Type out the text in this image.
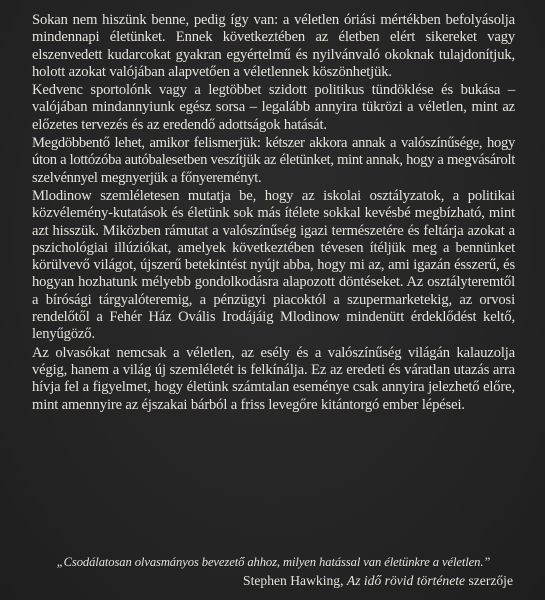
Sokan nem hiszünk benne, pedig így van: a véletlen óriási mértékben befolyásolja mindennapi életünket. Ennek következtében az életben elért sikereket vagy elszenvedett kudarcokat gyakran egyértelmű és nyilvánvaló okoknak tulajdonítjuk, holott azokat valójában alapvetően a véletlennek köszönhetjük.

Kedvenc sportolónk vagy a legtöbbet szidott politikus tündöklése és bukása – valójában mindannyiunk egész sorsa – legalább annyira tükrözi a véletlen, mint az előzetes tervezés és az eredendő adottságok hatását.

Megdöbbentő lehet, amikor felismerjük: kétszer akkora annak a valószínűsége, hogy úton a lottózóba autóbalesetben veszítjük az életünket, mint annak, hogy a megvásárolt szelvénnyel megnyerjük a főnyereményt.

Mlodinow szemléletesen mutatja be, hogy az iskolai osztályzatok, a politikai közvélemény-kutatások és életünk sok más ítélete sokkal kevésbé megbízható, mint azt hisszük. Miközben rámutat a valószínűség igazi természetére és feltárja azokat a pszichológiai illúziókat, amelyek következtében tévesen ítéljük meg a bennünket körülvevő világot, újszerű betekintést nyújt abba, hogy mi az, ami igazán ésszerű, és hogyan hozhatunk mélyebb gondolkodásra alapozott döntéseket. Az osztályteremtől a bírósági tárgyalóteremig, a pénzügyi piacoktól a szupermarketekig, az orvosi rendelőtől a Fehér Ház Ovális Irodájáig Mlodinow mindenütt érdeklődést keltő, lenyűgöző.

Az olvasókat nemcsak a véletlen, az esély és a valószínűség világán kalauzolja végig, hanem a világ új szemléletét is felkínálja. Ez az eredeti és váratlan utazás arra hívja fel a figyelmet, hogy életünk számtalan eseménye csak annyira jelezhető előre, mint amennyire az éjszakai bárból a friss levegőre kitántorgó ember lépései.

„Csodálatosan olvasmányos bevezető ahhoz, milyen hatással van életünkre a véletlen.”

Stephen Hawking, Az idő rövid története szerzője
